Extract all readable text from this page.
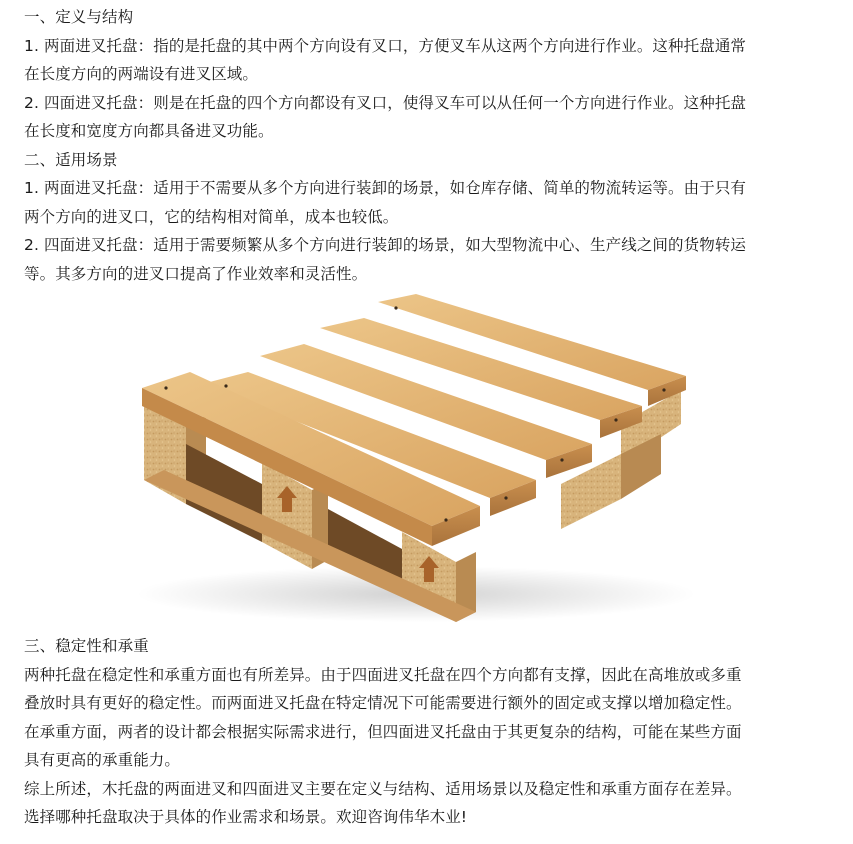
一、定义与结构
1. 两面进叉托盘：指的是托盘的其中两个方向设有叉口，方便叉车从这两个方向进行作业。这种托盘通常
在长度方向的两端设有进叉区域。
2. 四面进叉托盘：则是在托盘的四个方向都设有叉口，使得叉车可以从任何一个方向进行作业。这种托盘
在长度和宽度方向都具备进叉功能。
二、适用场景
1. 两面进叉托盘：适用于不需要从多个方向进行装卸的场景，如仓库存储、简单的物流转运等。由于只有
两个方向的进叉口，它的结构相对简单，成本也较低。
2. 四面进叉托盘：适用于需要频繁从多个方向进行装卸的场景，如大型物流中心、生产线之间的货物转运
等。其多方向的进叉口提高了作业效率和灵活性。
三、稳定性和承重
两种托盘在稳定性和承重方面也有所差异。由于四面进叉托盘在四个方向都有支撑，因此在高堆放或多重
叠放时具有更好的稳定性。而两面进叉托盘在特定情况下可能需要进行额外的固定或支撑以增加稳定性。
在承重方面，两者的设计都会根据实际需求进行，但四面进叉托盘由于其更复杂的结构，可能在某些方面
具有更高的承重能力。
综上所述，木托盘的两面进叉和四面进叉主要在定义与结构、适用场景以及稳定性和承重方面存在差异。
选择哪种托盘取决于具体的作业需求和场景。欢迎咨询伟华木业!
